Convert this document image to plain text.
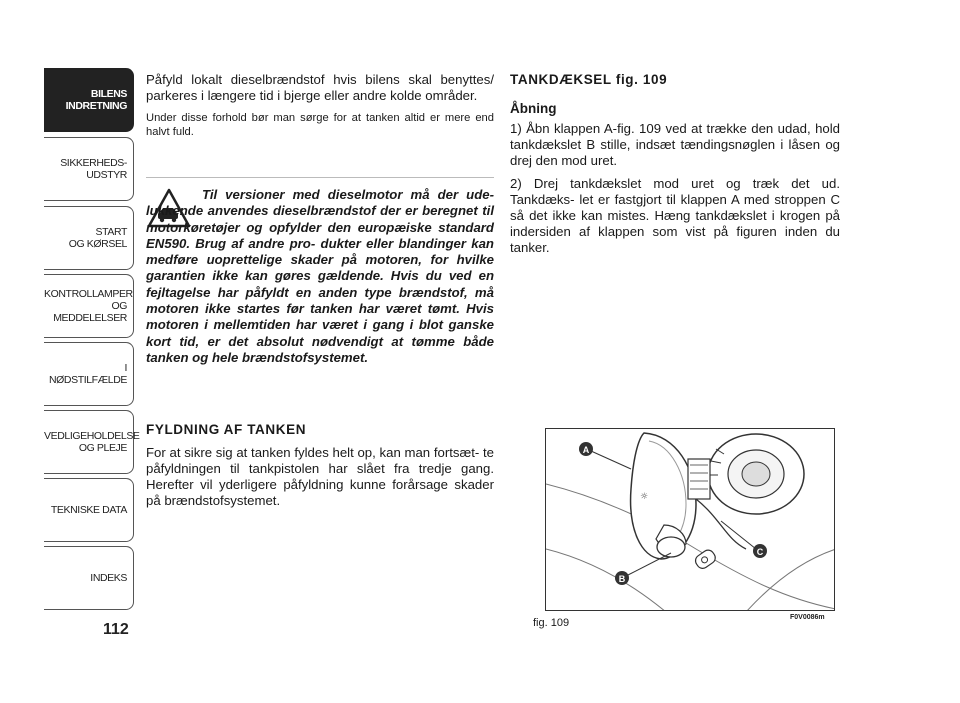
BILENS
INDRETNING
SIKKERHEDS-
UDSTYR
START
OG KØRSEL
KONTROLLAMPER
OG MEDDELELSER
I NØDSTILFÆLDE
VEDLIGEHOLDELSE
OG PLEJE
TEKNISKE DATA
INDEKS
112

Påfyld lokalt dieselbrændstof hvis bilens skal benyttes/ parkeres i længere tid i bjerge eller andre kolde områder.

Under disse forhold bør man sørge for at tanken altid er mere end halvt fuld.

Til versioner med dieselmotor må der ude- lukkende anvendes dieselbrændstof der er beregnet til motorkøretøjer og opfylder den europæiske standard EN590. Brug af andre pro- dukter eller blandinger kan medføre uoprettelige skader på motoren, for hvilke garantien ikke kan gøres gældende. Hvis du ved en fejltagelse har påfyldt en anden type brændstof, må motoren ikke startes før tanken har været tømt. Hvis motoren i mellemtiden har været i gang i blot ganske kort tid, er det absolut nødvendigt at tømme både tanken og hele brændstofsystemet.

FYLDNING AF TANKEN

For at sikre sig at tanken fyldes helt op, kan man fortsæt- te påfyldningen til tankpistolen har slået fra tredje gang. Herefter vil yderligere påfyldning kunne forårsage skader på brændstofsystemet.

TANKDÆKSEL fig. 109

Åbning

1) Åbn klappen A-fig. 109 ved at trække den udad, hold tankdækslet B stille, indsæt tændingsnøglen i låsen og drej den mod uret.

2) Drej tankdækslet mod uret og træk det ud. Tankdæks- let er fastgjort til klappen A med stroppen C så det ikke kan mistes. Hæng tankdækslet i krogen på indersiden af klappen som vist på figuren inden du tanker.

☼
A
B
C
fig. 109	F0V0086m
